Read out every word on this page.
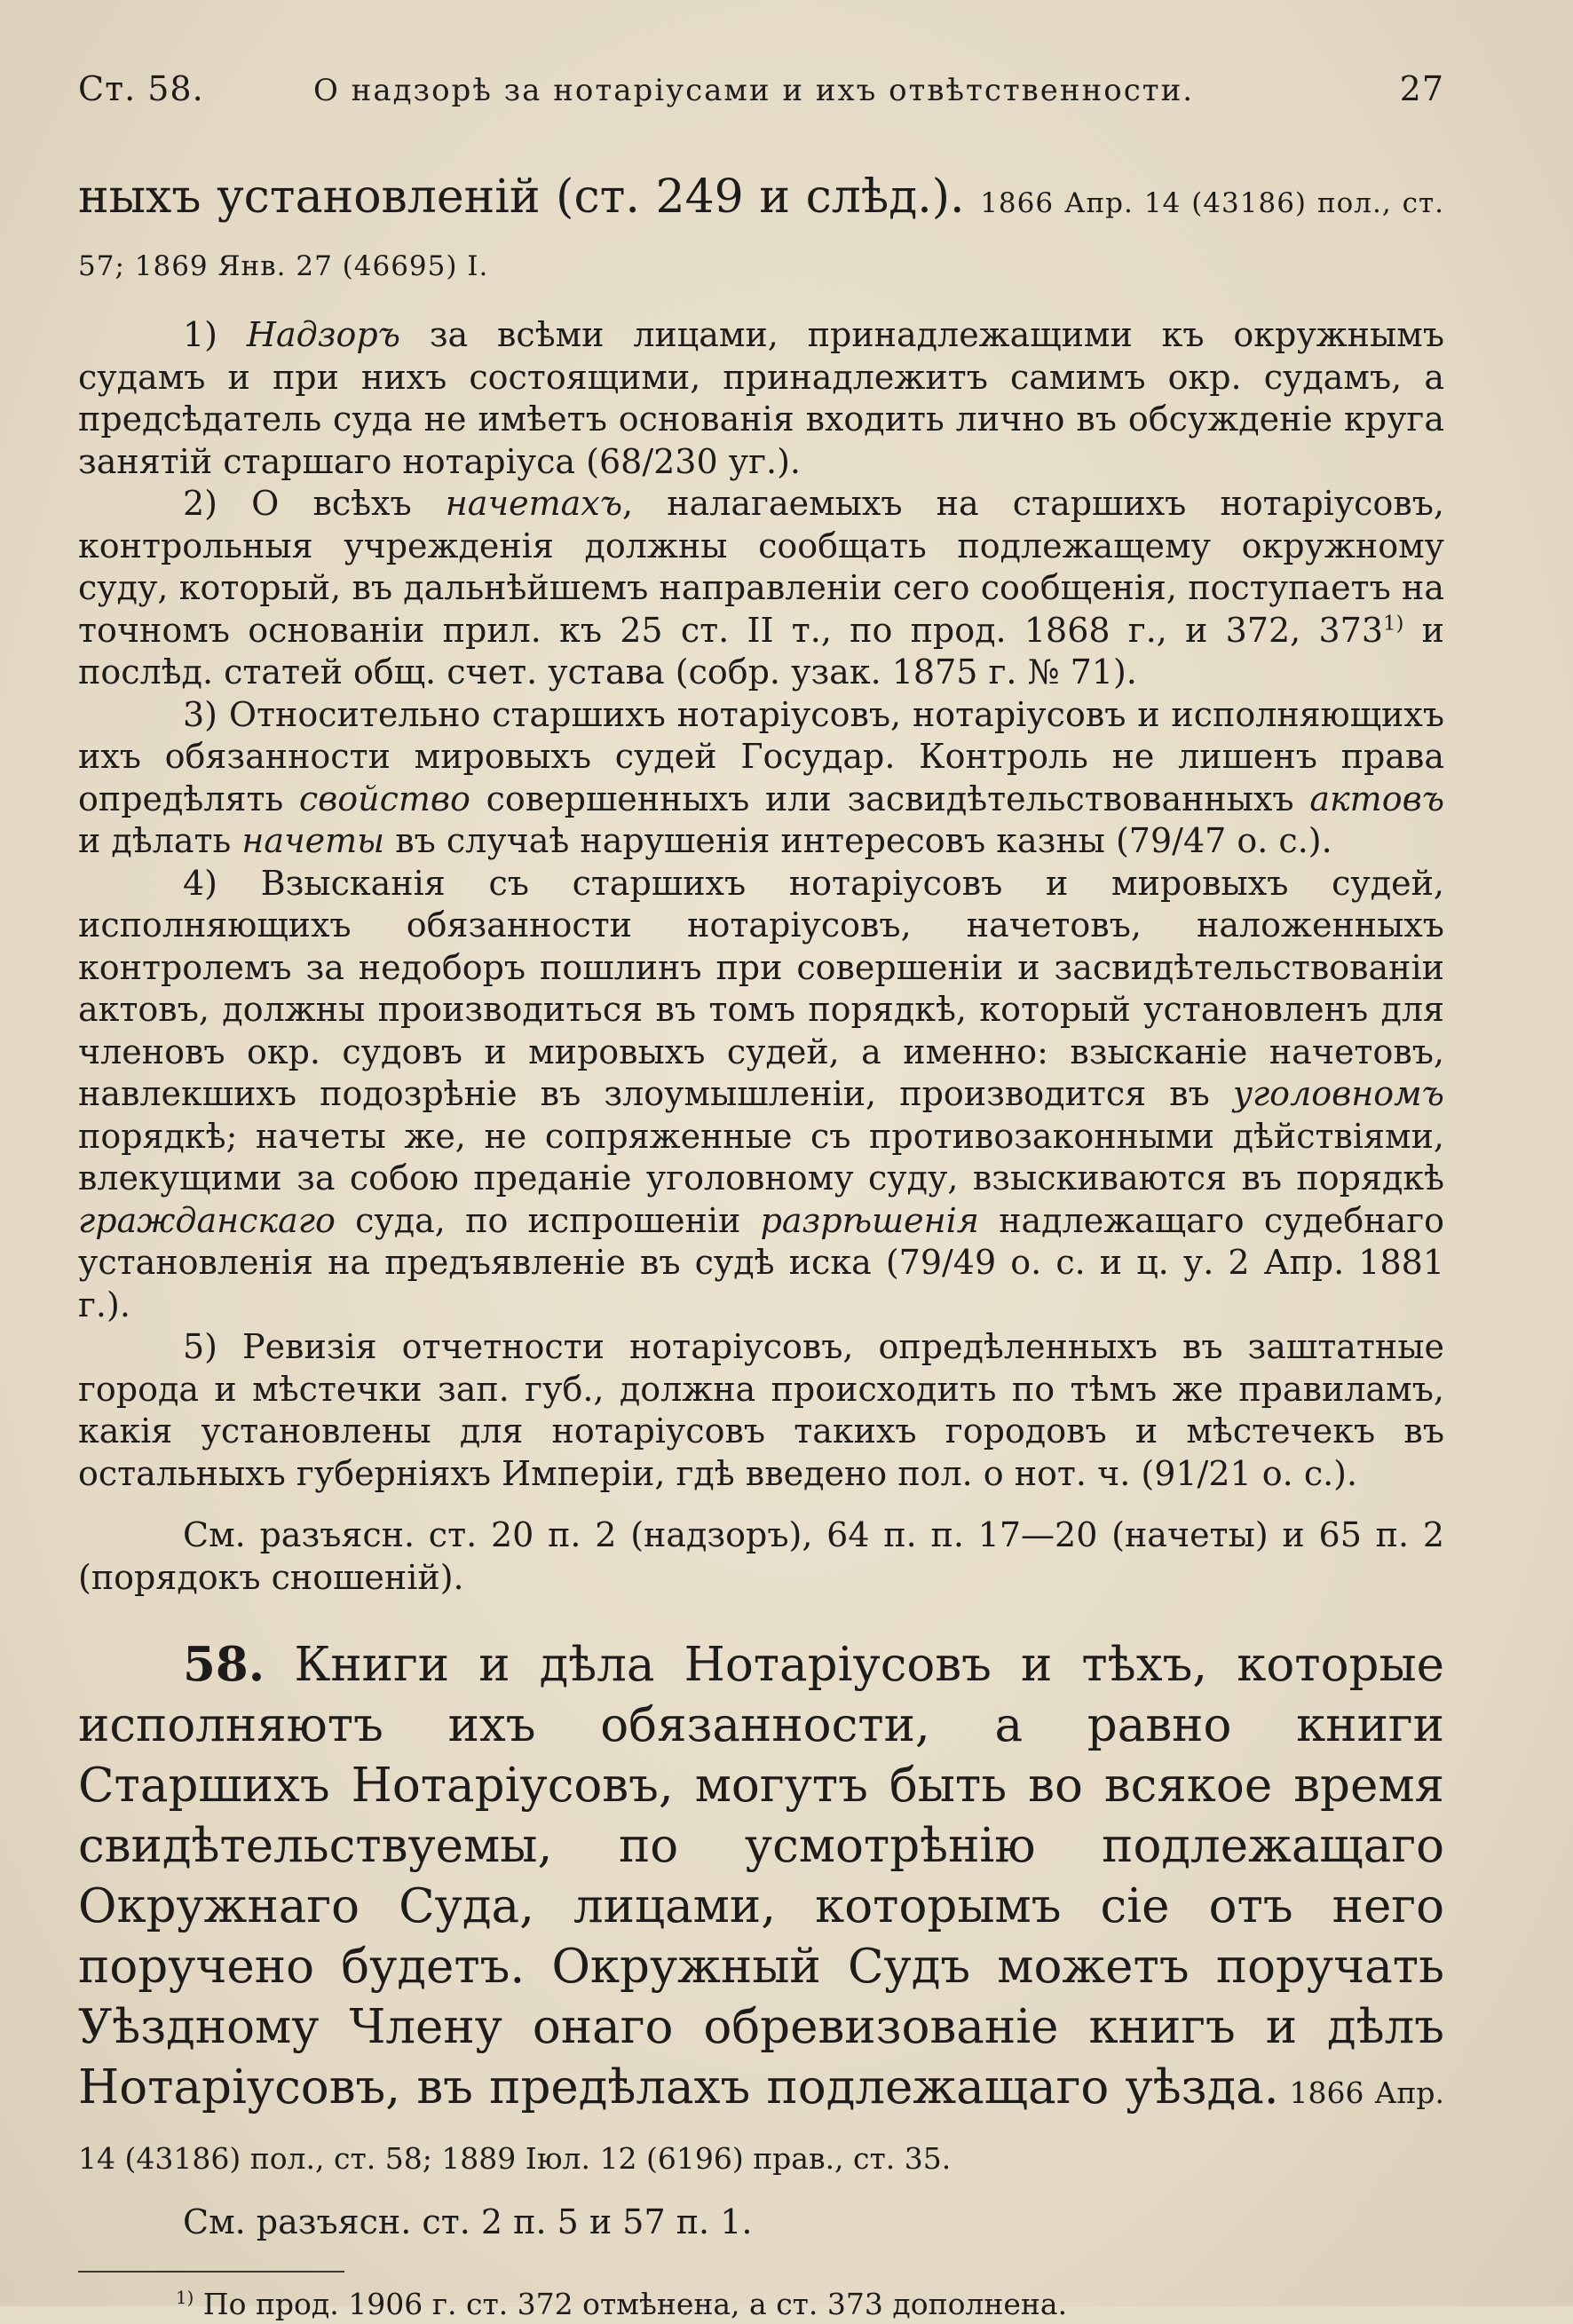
Ст. 58.	О надзорѣ за нотаріусами и ихъ отвѣтственности.	27
ныхъ установленій (ст. 249 и слѣд.). 1866 Апр. 14 (43186) пол., ст. 57; 1869 Янв. 27 (46695) I.

1) Надзоръ за всѣми лицами, принадлежащими къ окружнымъ судамъ и при нихъ состоящими, принадлежитъ самимъ окр. судамъ, а предсѣдатель суда не имѣетъ основанія входить лично въ обсужденіе круга занятій старшаго нотаріуса (68/230 уг.).

2) О всѣхъ начетахъ, налагаемыхъ на старшихъ нотаріусовъ, контрольныя учрежденія должны сообщать подлежащему окружному суду, который, въ дальнѣйшемъ направленіи сего сообщенія, поступаетъ на точномъ основаніи прил. къ 25 ст. II т., по прод. 1868 г., и 372, 373$^{1)}$ и послѣд. статей общ. счет. устава (собр. узак. 1875 г. № 71).

3) Относительно старшихъ нотаріусовъ, нотаріусовъ и исполняющихъ ихъ обязанности мировыхъ судей Государ. Контроль не лишенъ права опредѣлять свойство совершенныхъ или засвидѣтельствованныхъ актовъ и дѣлать начеты въ случаѣ нарушенія интересовъ казны (79/47 о. с.).

4) Взысканія съ старшихъ нотаріусовъ и мировыхъ судей, исполняющихъ обязанности нотаріусовъ, начетовъ, наложенныхъ контролемъ за недоборъ пошлинъ при совершеніи и засвидѣтельствованіи актовъ, должны производиться въ томъ порядкѣ, который установленъ для членовъ окр. судовъ и мировыхъ судей, а именно: взысканіе начетовъ, навлекшихъ подозрѣніе въ злоумышленіи, производится въ уголовномъ порядкѣ; начеты же, не сопряженные съ противозаконными дѣйствіями, влекущими за собою преданіе уголовному суду, взыскиваются въ порядкѣ гражданскаго суда, по испрошеніи разрѣшенія надлежащаго судебнаго установленія на предъявленіе въ судѣ иска (79/49 о. с. и ц. у. 2 Апр. 1881 г.).

5) Ревизія отчетности нотаріусовъ, опредѣленныхъ въ заштатные города и мѣстечки зап. губ., должна происходить по тѣмъ же правиламъ, какія установлены для нотаріусовъ такихъ городовъ и мѣстечекъ въ остальныхъ губерніяхъ Имперіи, гдѣ введено пол. о нот. ч. (91/21 о. с.).

См. разъясн. ст. 20 п. 2 (надзоръ), 64 п. п. 17—20 (начеты) и 65 п. 2 (порядокъ сношеній).

58. Книги и дѣла Нотаріусовъ и тѣхъ, которые исполняютъ ихъ обязанности, а равно книги Старшихъ Нотаріусовъ, могутъ быть во всякое время свидѣтельствуемы, по усмотрѣнію подлежащаго Окружнаго Суда, лицами, которымъ сіе отъ него поручено будетъ. Окружный Судъ можетъ поручать Уѣздному Члену онаго обревизованіе книгъ и дѣлъ Нотаріусовъ, въ предѣлахъ подлежащаго уѣзда. 1866 Апр. 14 (43186) пол., ст. 58; 1889 Іюл. 12 (6196) прав., ст. 35.

См. разъясн. ст. 2 п. 5 и 57 п. 1.

$^{1)}$ По прод. 1906 г. ст. 372 отмѣнена, а ст. 373 дополнена.
